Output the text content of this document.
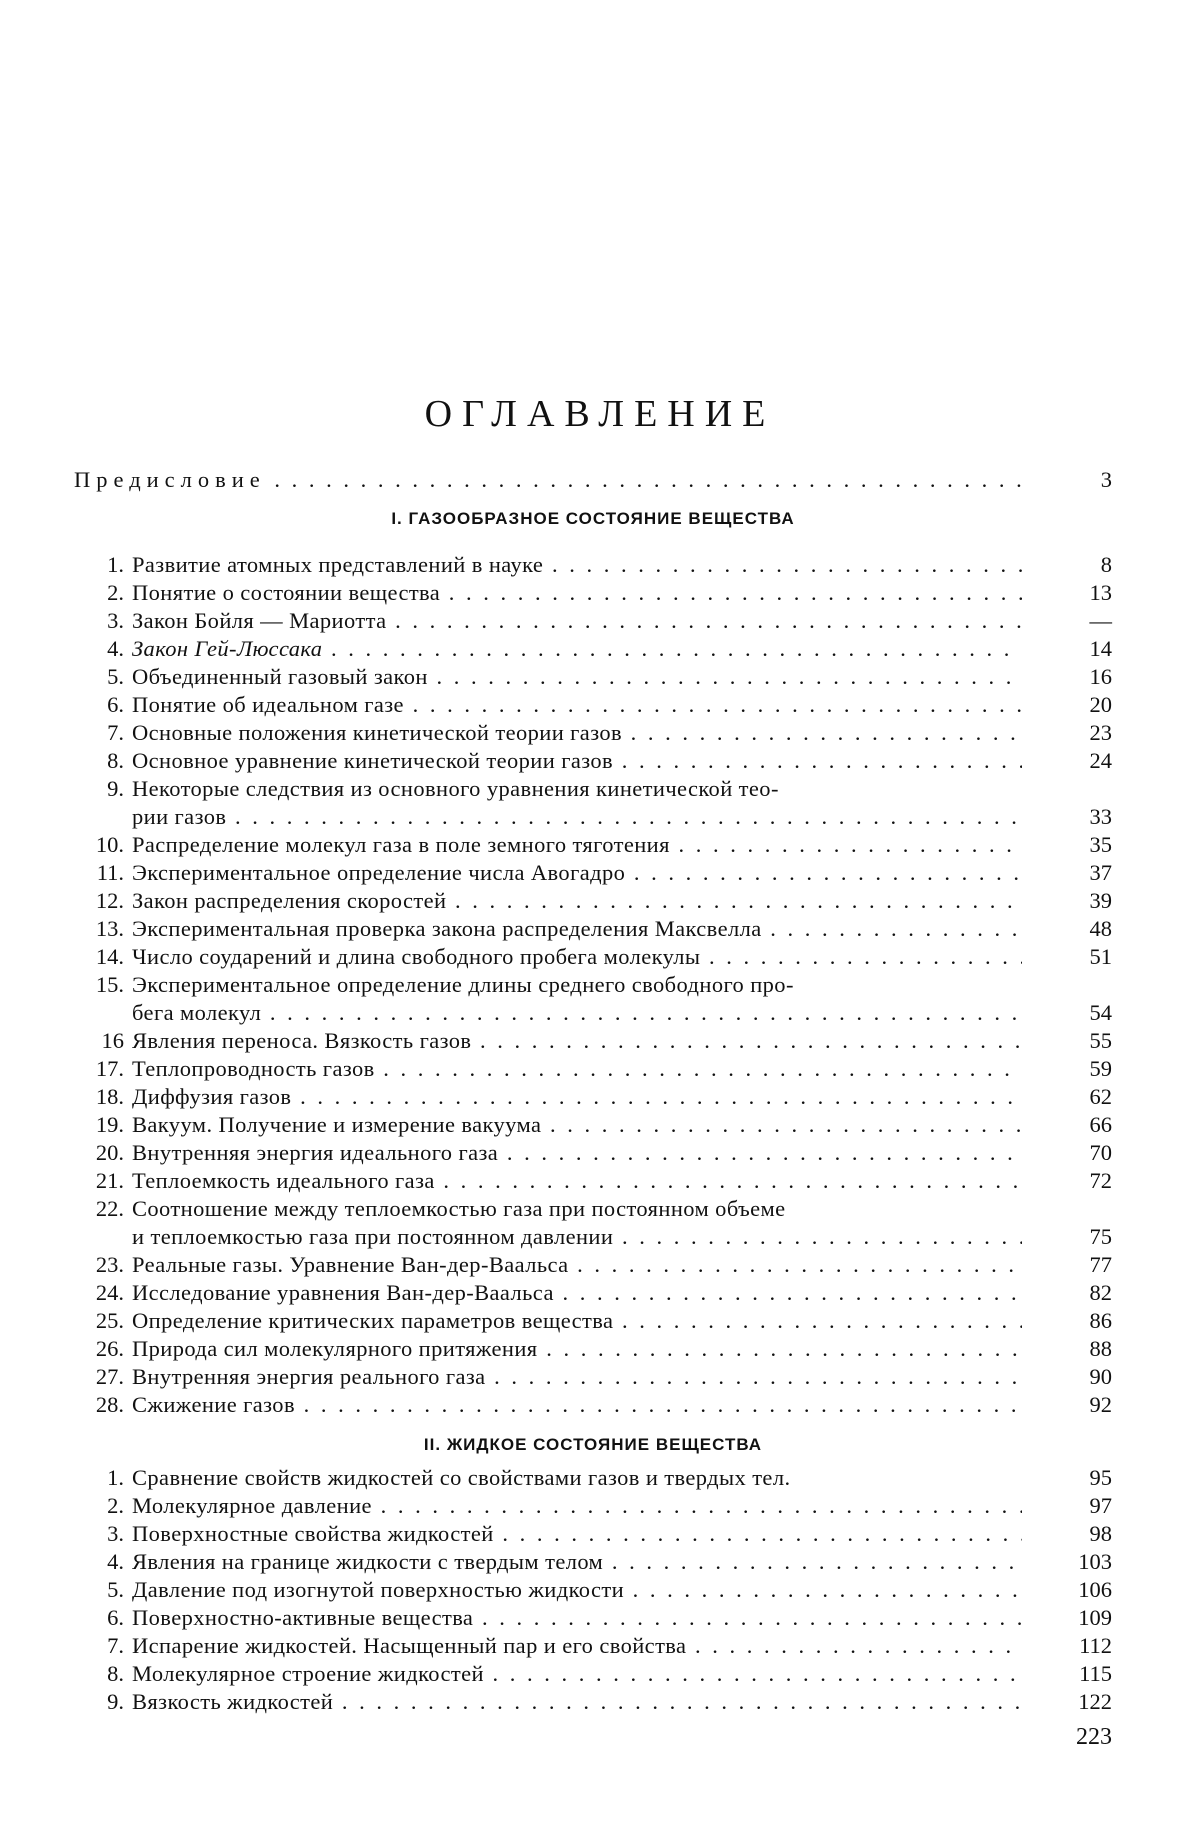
ОГЛАВЛЕНИЕ
Предисловие . . .	3
I. ГАЗООБРАЗНОЕ СОСТОЯНИЕ ВЕЩЕСТВА
1. Развитие атомных представлений в науке . . .	8
2. Понятие о состоянии вещества . . .	13
3. Закон Бойля — Мариотта . . .	—
4. Закон Гей-Люссака . . .	14
5. Объединенный газовый закон . . .	16
6. Понятие об идеальном газе . . .	20
7. Основные положения кинетической теории газов . . .	23
8. Основное уравнение кинетической теории газов . . .	24
9. Некоторые следствия из основного уравнения кинетической тео-
рии газов . . .	33
10. Распределение молекул газа в поле земного тяготения . . .	35
11. Экспериментальное определение числа Авогадро . . .	37
12. Закон распределения скоростей . . .	39
13. Экспериментальная проверка закона распределения Максвелла . . .	48
14. Число соударений и длина свободного пробега молекулы . . .	51
15. Экспериментальное определение длины среднего свободного про-
бега молекул . . .	54
16 Явления переноса. Вязкость газов . . .	55
17. Теплопроводность газов . . .	59
18. Диффузия газов . . .	62
19. Вакуум. Получение и измерение вакуума . . .	66
20. Внутренняя энергия идеального газа . . .	70
21. Теплоемкость идеального газа . . .	72
22. Соотношение между теплоемкостью газа при постоянном объеме
и теплоемкостью газа при постоянном давлении . . .	75
23. Реальные газы. Уравнение Ван-дер-Ваальса . . .	77
24. Исследование уравнения Ван-дер-Ваальса . . .	82
25. Определение критических параметров вещества . . .	86
26. Природа сил молекулярного притяжения . . .	88
27. Внутренняя энергия реального газа . . .	90
28. Сжижение газов . . .	92
II. ЖИДКОЕ СОСТОЯНИЕ ВЕЩЕСТВА
1. Сравнение свойств жидкостей со свойствами газов и твердых тел.	95
2. Молекулярное давление . . .	97
3. Поверхностные свойства жидкостей . . .	98
4. Явления на границе жидкости с твердым телом . . .	103
5. Давление под изогнутой поверхностью жидкости . . .	106
6. Поверхностно-активные вещества . . .	109
7. Испарение жидкостей. Насыщенный пар и его свойства . . .	112
8. Молекулярное строение жидкостей . . .	115
9. Вязкость жидкостей . . .	122
223
